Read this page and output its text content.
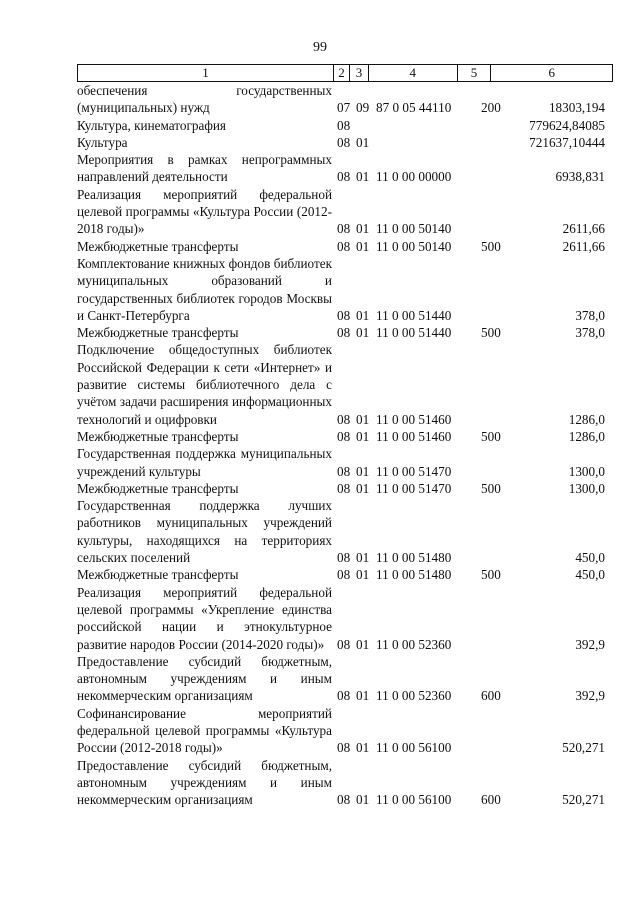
99
1	2 3	4	5	6
обеспечения государственных (муниципальных) нужд	07 09 87 0 05 44110 200	18303,194
Культура, кинематография	08	779624,84085
Культура	08 01	721637,10444
Мероприятия в рамках непрограммных направлений деятельности	08 01 11 0 00 00000	6938,831
Реализация мероприятий федеральной целевой программы «Культура России (2012-2018 годы)»	08 01 11 0 00 50140	2611,66
Межбюджетные трансферты	08 01 11 0 00 50140 500	2611,66
Комплектование книжных фондов библиотек муниципальных образований и государственных библиотек городов Москвы и Санкт-Петербурга	08 01 11 0 00 51440	378,0
Межбюджетные трансферты	08 01 11 0 00 51440 500	378,0
Подключение общедоступных библиотек Российской Федерации к сети «Интернет» и развитие системы библиотечного дела с учётом задачи расширения информационных технологий и оцифровки	08 01 11 0 00 51460	1286,0
Межбюджетные трансферты	08 01 11 0 00 51460 500	1286,0
Государственная поддержка муниципальных учреждений культуры	08 01 11 0 00 51470	1300,0
Межбюджетные трансферты	08 01 11 0 00 51470 500	1300,0
Государственная поддержка лучших работников муниципальных учреждений культуры, находящихся на территориях сельских поселений	08 01 11 0 00 51480	450,0
Межбюджетные трансферты	08 01 11 0 00 51480 500	450,0
Реализация мероприятий федеральной целевой программы «Укрепление единства российской нации и этнокультурное развитие народов России (2014-2020 годы)» 08 01 11 0 00 52360	392,9
Предоставление субсидий бюджетным, автономным учреждениям и иным некоммерческим организациям	08 01 11 0 00 52360 600	392,9
Софинансирование мероприятий федеральной целевой программы «Культура России (2012-2018 годы)»	08 01 11 0 00 56100	520,271
Предоставление субсидий бюджетным, автономным учреждениям и иным некоммерческим организациям	08 01 11 0 00 56100 600	520,271
